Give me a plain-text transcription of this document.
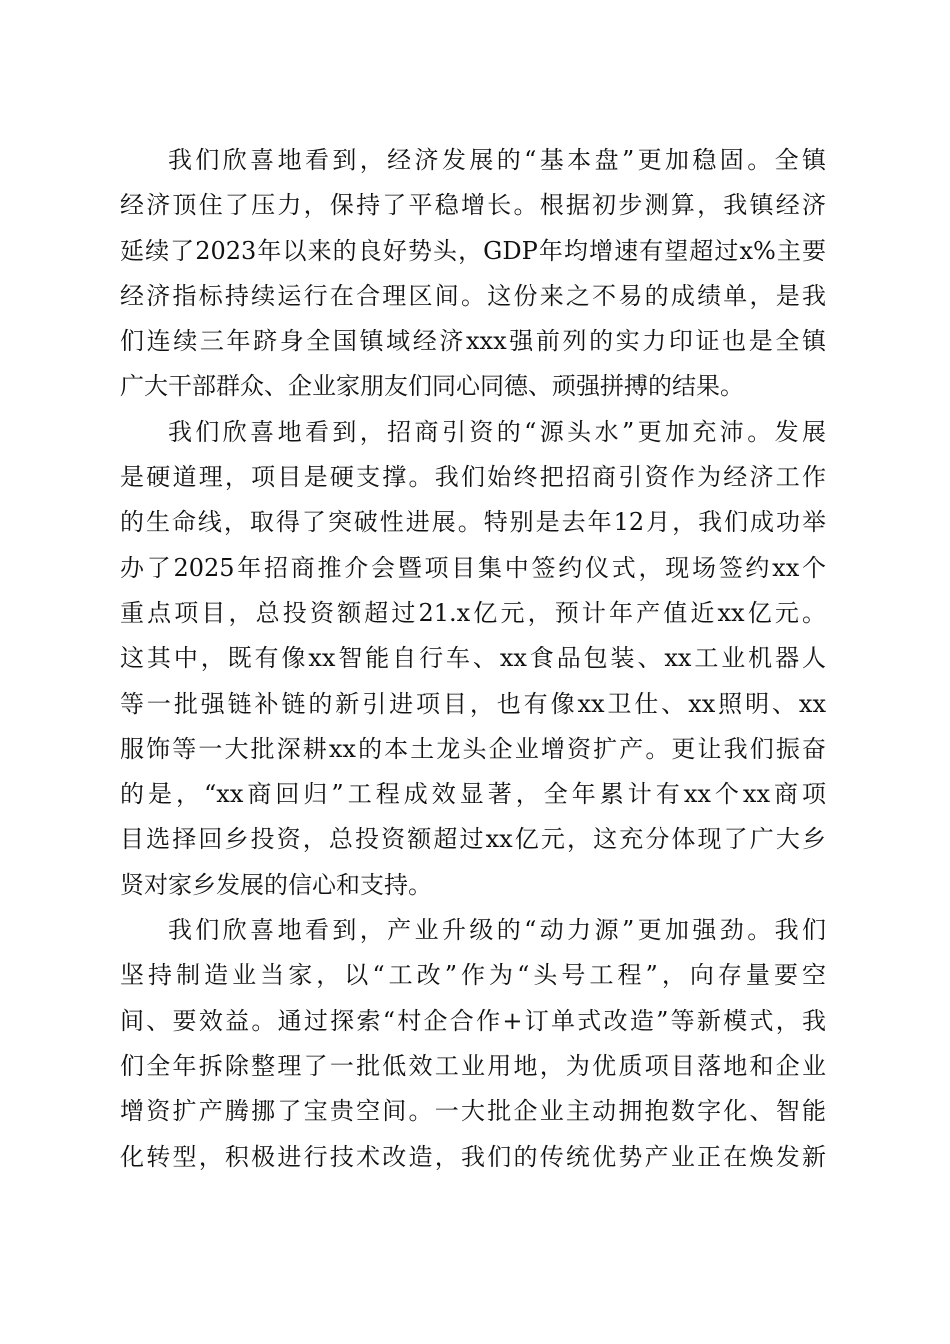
我们欣喜地看到，经济发展的“基本盘”更加稳固。全镇
经济顶住了压力，保持了平稳增长。根据初步测算，我镇经济
延续了2023年以来的良好势头，GDP年均增速有望超过x%主要
经济指标持续运行在合理区间。这份来之不易的成绩单，是我
们连续三年跻身全国镇域经济xxx强前列的实力印证也是全镇
广大干部群众、企业家朋友们同心同德、顽强拼搏的结果。
我们欣喜地看到，招商引资的“源头水”更加充沛。发展
是硬道理，项目是硬支撑。我们始终把招商引资作为经济工作
的生命线，取得了突破性进展。特别是去年12月，我们成功举
办了2025年招商推介会暨项目集中签约仪式，现场签约xx个
重点项目，总投资额超过21.x亿元，预计年产值近xx亿元。
这其中，既有像xx智能自行车、xx食品包装、xx工业机器人
等一批强链补链的新引进项目，也有像xx卫仕、xx照明、xx
服饰等一大批深耕xx的本土龙头企业增资扩产。更让我们振奋
的是，“xx商回归”工程成效显著，全年累计有xx个xx商项
目选择回乡投资，总投资额超过xx亿元，这充分体现了广大乡
贤对家乡发展的信心和支持。
我们欣喜地看到，产业升级的“动力源”更加强劲。我们
坚持制造业当家，以“工改”作为“头号工程”，向存量要空
间、要效益。通过探索“村企合作+订单式改造”等新模式，我
们全年拆除整理了一批低效工业用地，为优质项目落地和企业
增资扩产腾挪了宝贵空间。一大批企业主动拥抱数字化、智能
化转型，积极进行技术改造，我们的传统优势产业正在焕发新
